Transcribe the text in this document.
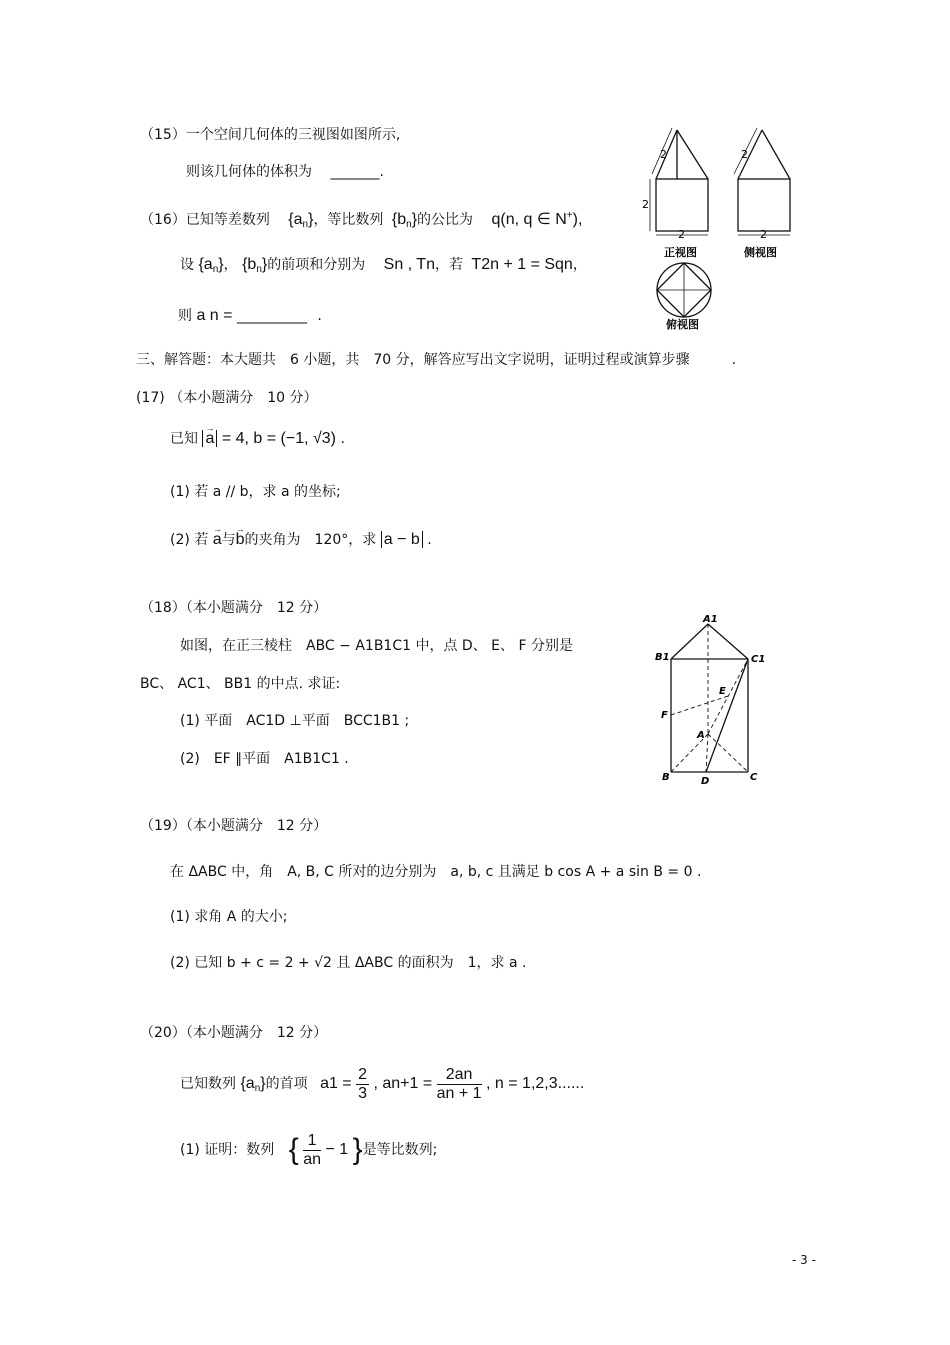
（15）一个空间几何体的三视图如图所示,
则该几何体的体积为 _______.
（16）已知等差数列 $\{a_n\}$，等比数列 $\{b_n\}$的公比为 q(n, q ∈ N+),
设 $\{a_n\}$， $\{b_n\}$的前项和分别为 Sn , Tn，若 T2n + 1 = Sqn，
则 a n = __________ .
2
2
2
正视图
2
2
侧视图
俯视图
三、解答题：本大题共　6 小题，共　70 分，解答应写出文字说明，证明过程或演算步骤　　　.
(17) （本小题满分　10 分）
已知 → a = 4, b = (−1, √3) .
(1) 若 a // b，求 a 的坐标;
(2) 若 → a与→ b的夹角为　120°，求 a − b .
（18）（本小题满分　12 分）
如图，在正三棱柱　ABC − A1B1C1 中，点 D、 E、 F 分别是
BC、 AC1、 BB1 的中点. 求证:
(1) 平面　AC1D ⊥平面　BCC1B1 ;
(2)　EF ∥平面　A1B1C1 .
A1
B1	C1
E
F
A
B	D	C
（19）（本小题满分　12 分）
在 ΔABC 中，角　A, B, C 所对的边分别为　a, b, c 且满足 b cos A + a sin B = 0 .
(1) 求角 A 的大小;
(2) 已知 b + c = 2 + √2 且 ΔABC 的面积为　1，求 a .
（20）（本小题满分　12 分）
已知数列 $\{a_n\}$的首项 $a1 = \frac{2}{3}$ , $an+1 = \frac{2an}{an + 1}$ , n = 1,2,3......
(1) 证明：数列 { $\frac{1}{an} - 1$ }是等比数列;
- 3 -
